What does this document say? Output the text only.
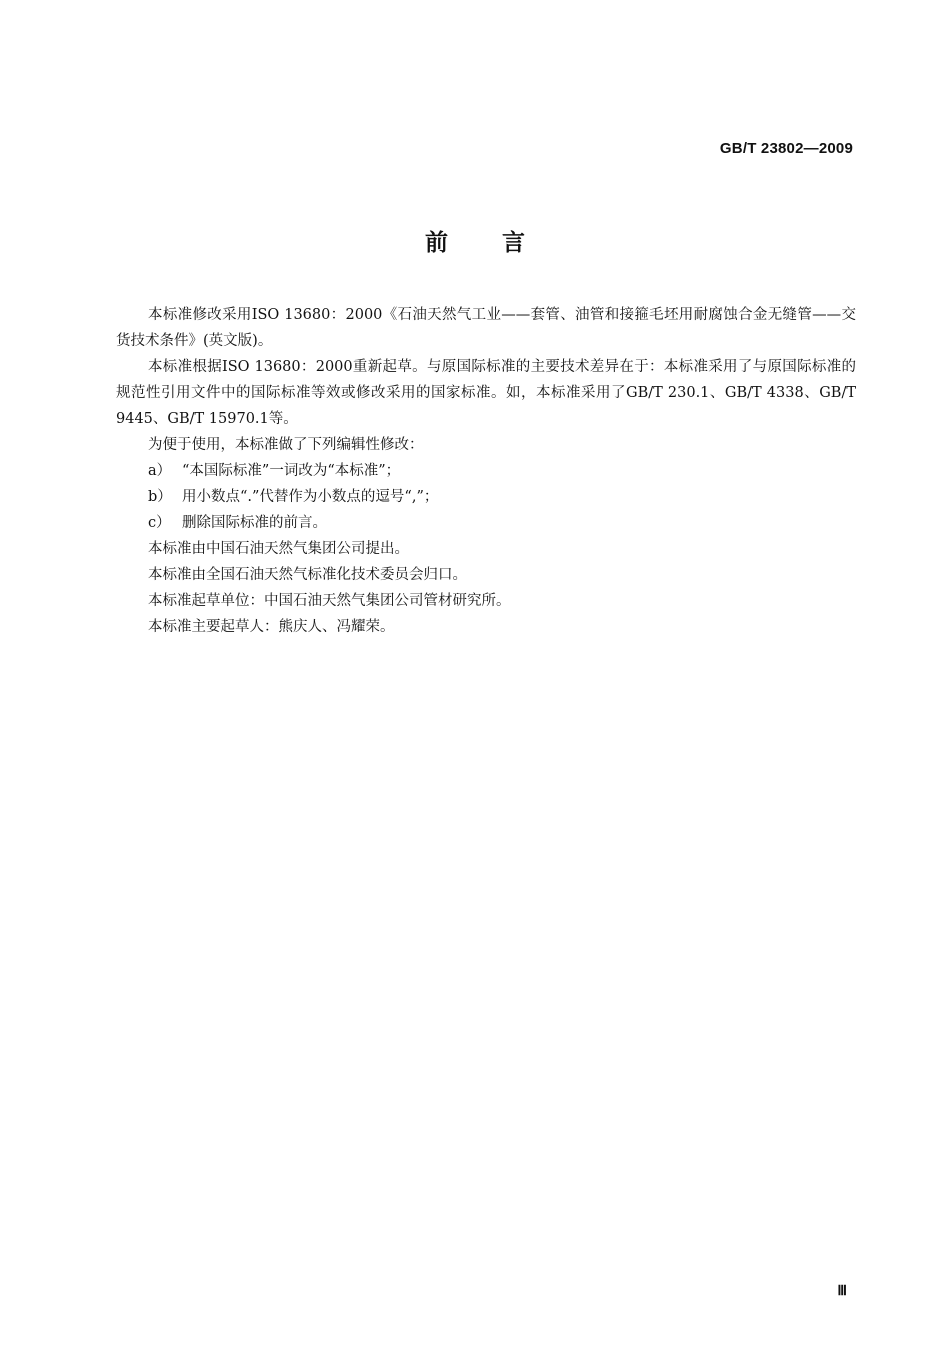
GB/T 23802—2009
前言

本标准修改采用ISO 13680：2000《石油天然气工业——套管、油管和接箍毛坯用耐腐蚀合金无缝管——交货技术条件》(英文版)。

本标准根据ISO 13680：2000重新起草。与原国际标准的主要技术差异在于：本标准采用了与原国际标准的规范性引用文件中的国际标准等效或修改采用的国家标准。如，本标准采用了GB/T 230.1、GB/T 4338、GB/T 9445、GB/T 15970.1等。

为便于使用，本标准做了下列编辑性修改：

a） “本国际标准”一词改为“本标准”；

b） 用小数点“.”代替作为小数点的逗号“,”；

c） 删除国际标准的前言。

本标准由中国石油天然气集团公司提出。

本标准由全国石油天然气标准化技术委员会归口。

本标准起草单位：中国石油天然气集团公司管材研究所。

本标准主要起草人：熊庆人、冯耀荣。

Ⅲ
